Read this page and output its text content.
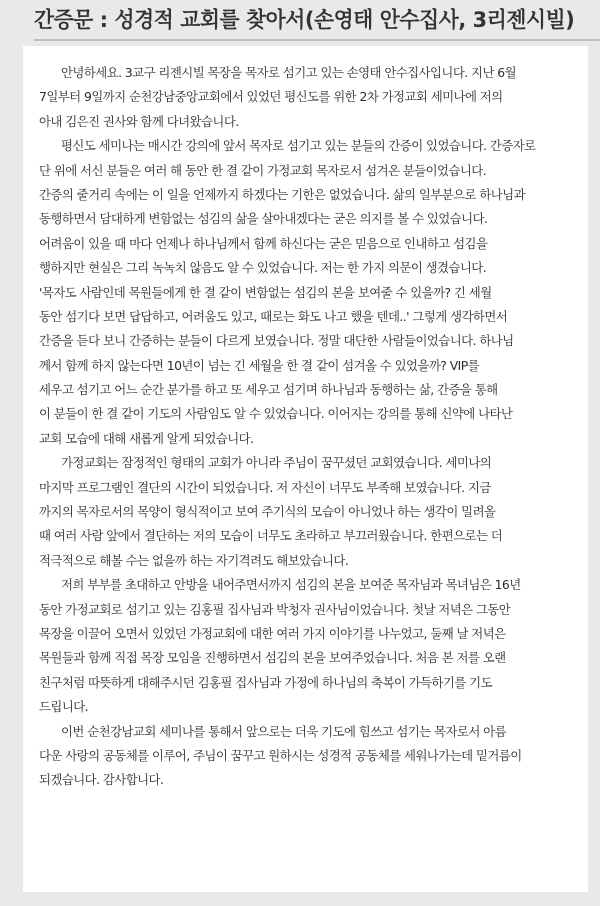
간증문 : 성경적 교회를 찾아서(손영태 안수집사, 3리젠시빌)

안녕하세요. 3교구 리젠시빌 목장을 목자로 섬기고 있는 손영태 안수집사입니다. 지난 6월
7일부터 9일까지 순천강남중앙교회에서 있었던 평신도를 위한 2차 가정교회 세미나에 저의
아내 김은진 권사와 함께 다녀왔습니다.

평신도 세미나는 매시간 강의에 앞서 목자로 섬기고 있는 분들의 간증이 있었습니다. 간증자로
단 위에 서신 분들은 여러 해 동안 한 결 같이 가정교회 목자로서 섬겨온 분들이었습니다.
간증의 줄거리 속에는 이 일을 언제까지 하겠다는 기한은 없었습니다. 삶의 일부분으로 하나님과
동행하면서 담대하게 변함없는 섬김의 삶을 살아내겠다는 굳은 의지를 볼 수 있었습니다.
어려움이 있을 때 마다 언제나 하나님께서 함께 하신다는 굳은 믿음으로 인내하고 섬김을
행하지만 현실은 그리 녹녹치 않음도 알 수 있었습니다. 저는 한 가지 의문이 생겼습니다.
'목자도 사람인데 목원들에게 한 결 같이 변함없는 섬김의 본을 보여줄 수 있을까? 긴 세월
동안 섬기다 보면 답답하고, 어려움도 있고, 때로는 화도 나고 했을 텐데..' 그렇게 생각하면서
간증을 듣다 보니 간증하는 분들이 다르게 보였습니다. 정말 대단한 사람들이었습니다. 하나님
께서 함께 하지 않는다면 10년이 넘는 긴 세월을 한 결 같이 섬겨올 수 있었을까? VIP를
세우고 섬기고 어느 순간 분가를 하고 또 세우고 섬기며 하나님과 동행하는 삶, 간증을 통해
이 분들이 한 결 같이 기도의 사람임도 알 수 있었습니다. 이어지는 강의를 통해 신약에 나타난
교회 모습에 대해 새롭게 알게 되었습니다.

가정교회는 잠정적인 형태의 교회가 아니라 주님이 꿈꾸셨던 교회였습니다. 세미나의
마지막 프로그램인 결단의 시간이 되었습니다. 저 자신이 너무도 부족해 보였습니다. 지금
까지의 목자로서의 목양이 형식적이고 보여 주기식의 모습이 아니었나 하는 생각이 밀려올
때 여러 사람 앞에서 결단하는 저의 모습이 너무도 초라하고 부끄러웠습니다. 한편으로는 더
적극적으로 해볼 수는 없을까 하는 자기격려도 해보았습니다.

저희 부부를 초대하고 안방을 내어주면서까지 섬김의 본을 보여준 목자님과 목녀님은 16년
동안 가정교회로 섬기고 있는 김홍필 집사님과 박청자 권사님이었습니다. 첫날 저녁은 그동안
목장을 이끌어 오면서 있었던 가정교회에 대한 여러 가지 이야기를 나누었고, 둘째 날 저녁은
목원들과 함께 직접 목장 모임을 진행하면서 섬김의 본을 보여주었습니다. 처음 본 저를 오랜
친구처럼 따뜻하게 대해주시던 김홍필 집사님과 가정에 하나님의 축복이 가득하기를 기도
드립니다.

이번 순천강남교회 세미나를 통해서 앞으로는 더욱 기도에 힘쓰고 섬기는 목자로서 아름
다운 사랑의 공동체를 이루어, 주님이 꿈꾸고 원하시는 성경적 공동체를 세워나가는데 밑거름이
되겠습니다. 감사합니다.
